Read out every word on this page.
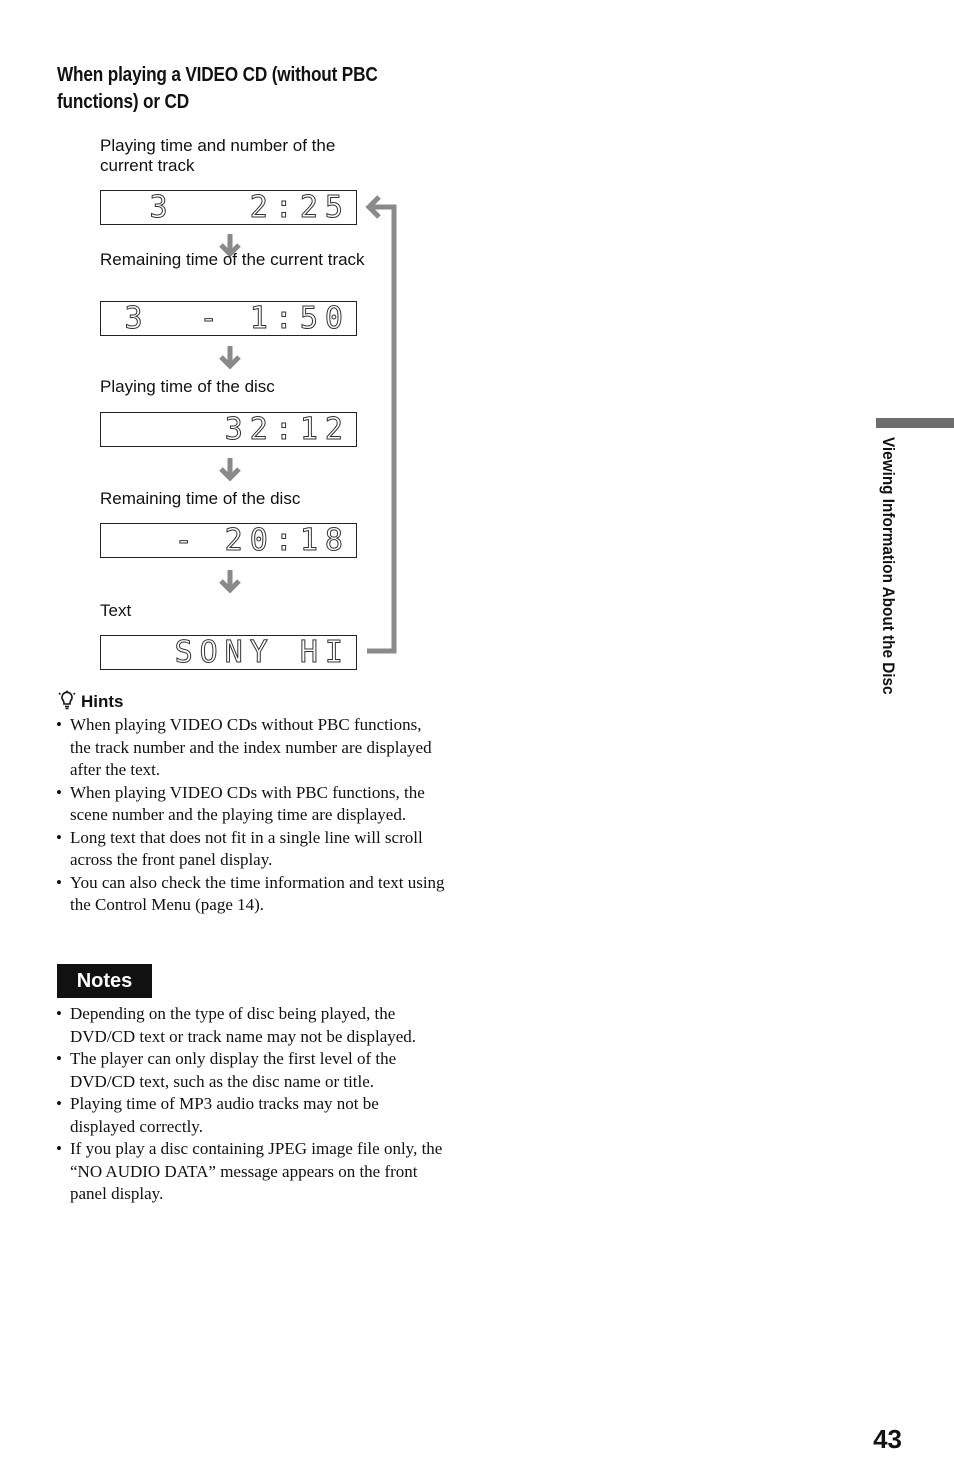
When playing a VIDEO CD (without PBC functions) or CD
Playing time and number of the current track
3   2:25
Remaining time of the current track
3  - 1:50
Playing time of the disc
32:12
Remaining time of the disc
- 20:18
Text
SONY HI
Hints
• When playing VIDEO CDs without PBC functions, the track number and the index number are displayed after the text.
• When playing VIDEO CDs with PBC functions, the scene number and the playing time are displayed.
• Long text that does not fit in a single line will scroll across the front panel display.
• You can also check the time information and text using the Control Menu (page 14).
Notes
• Depending on the type of disc being played, the DVD/CD text or track name may not be displayed.
• The player can only display the first level of the DVD/CD text, such as the disc name or title.
• Playing time of MP3 audio tracks may not be displayed correctly.
• If you play a disc containing JPEG image file only, the “NO AUDIO DATA” message appears on the front panel display.
Viewing Information About the Disc
43
